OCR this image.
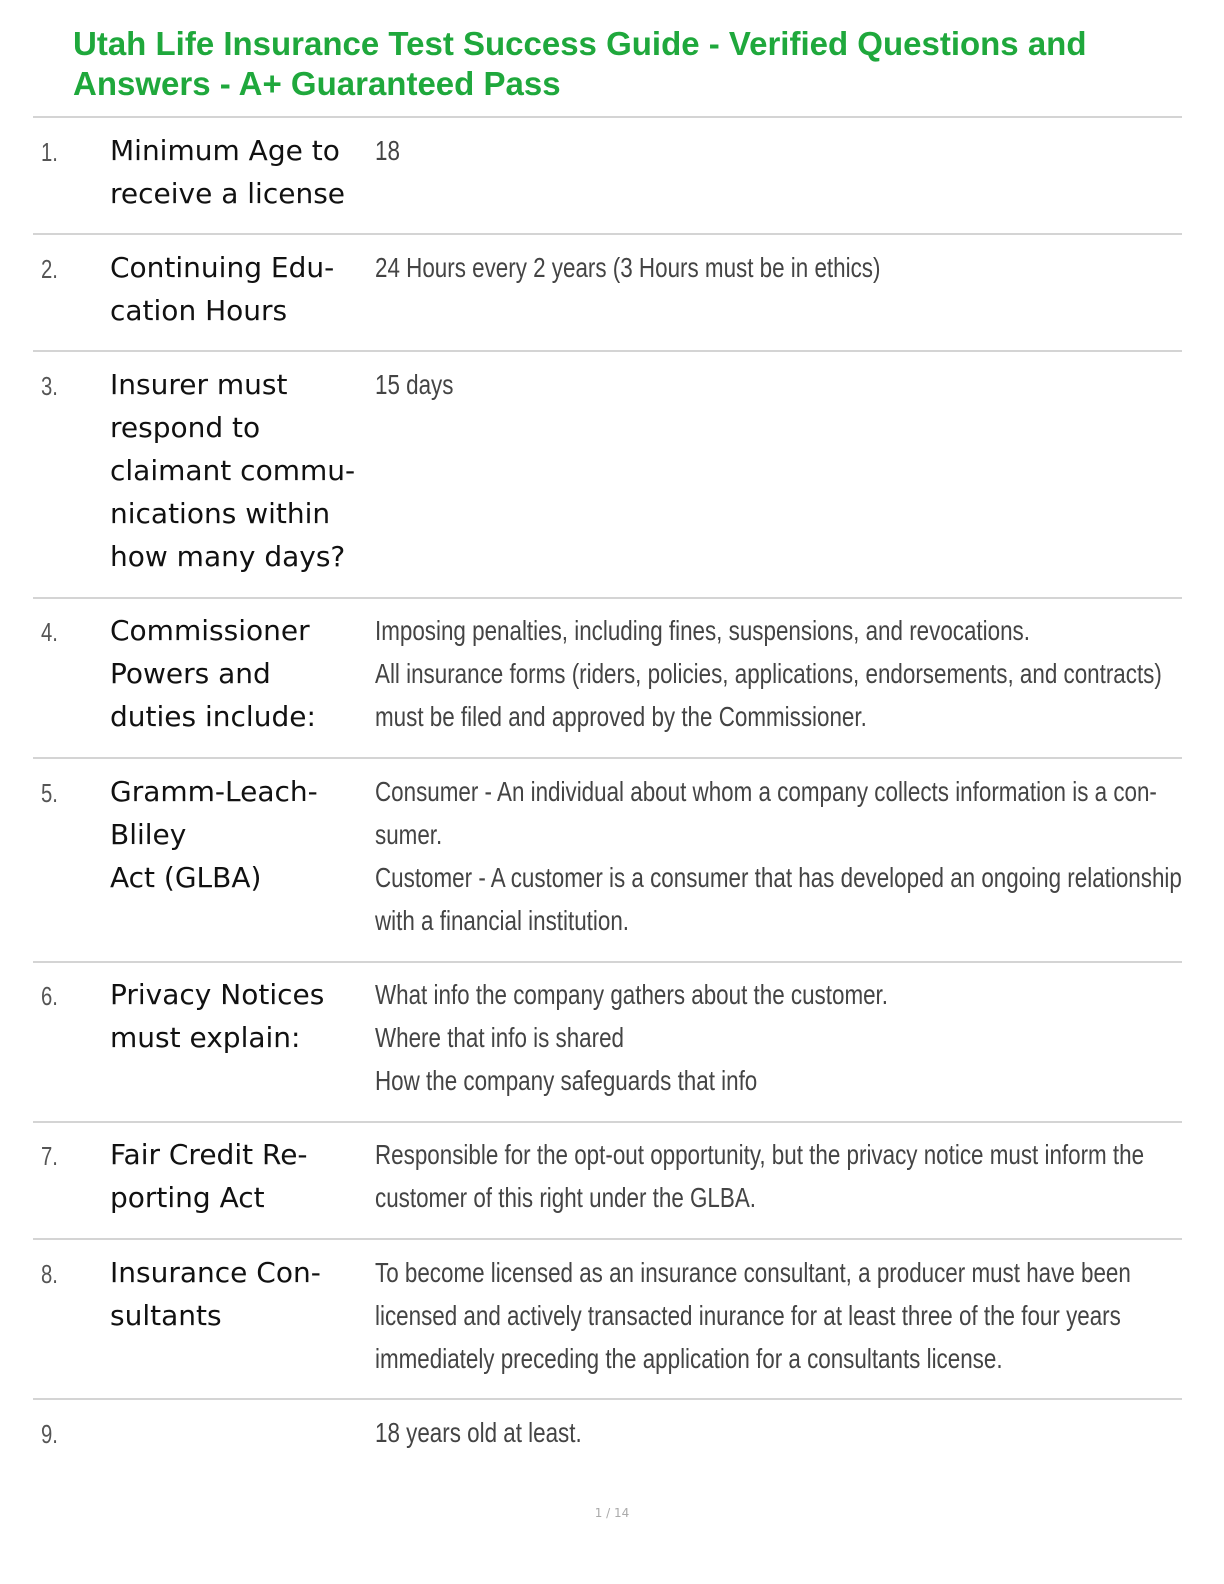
Utah Life Insurance Test Success Guide - Verified Questions and Answers - A+ Guaranteed Pass
1. Minimum Age to
receive a license
18
2. Continuing Edu-
cation Hours
24 Hours every 2 years (3 Hours must be in ethics)
3. Insurer must
respond to
claimant commu-
nications within
how many days?
15 days
4. Commissioner
Powers and
duties include:
Imposing penalties, including fines, suspensions, and revocations.
All insurance forms (riders, policies, applications, endorsements, and contracts)
must be filed and approved by the Commissioner.
5. Gramm-Leach-Bliley
Act (GLBA)
Consumer - An individual about whom a company collects information is a con-
sumer.
Customer - A customer is a consumer that has developed an ongoing relationship
with a financial institution.
6. Privacy Notices
must explain:
What info the company gathers about the customer.
Where that info is shared
How the company safeguards that info
7. Fair Credit Re-
porting Act
Responsible for the opt-out opportunity, but the privacy notice must inform the
customer of this right under the GLBA.
8. Insurance Con-
sultants
To become licensed as an insurance consultant, a producer must have been
licensed and actively transacted inurance for at least three of the four years
immediately preceding the application for a consultants license.
9.	18 years old at least.
1 / 14
